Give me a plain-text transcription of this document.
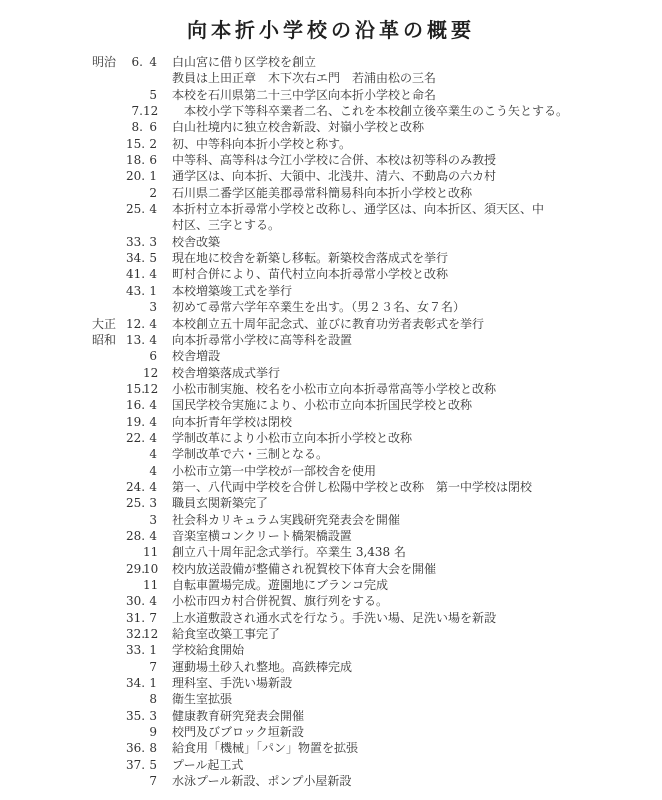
向本折小学校の沿革の概要
明治 6. 4 白山宮に借り区学校を創立
教員は上田正章　木下次右エ門　若浦由松の三名
5 本校を石川県第二十三中学区向本折小学校と命名
7.12　本校小学下等科卒業者二名、これを本校創立後卒業生のこう矢とする。
8. 6 白山社境内に独立校舎新設、対嶺小学校と改称
15. 2 初、中等科向本折小学校と称す。
18. 6 中等科、高等科は今江小学校に合併、本校は初等科のみ教授
20. 1 通学区は、向本折、大領中、北浅井、清六、不動島の六カ村
2 石川県二番学区能美郡尋常科簡易科向本折小学校と改称
25. 4 本折村立本折尋常小学校と改称し、通学区は、向本折区、須天区、中
村区、三字とする。
33. 3 校舎改築
34. 5 現在地に校舎を新築し移転。新築校舎落成式を挙行
41. 4 町村合併により、苗代村立向本折尋常小学校と改称
43. 1 本校増築竣工式を挙行
3 初めて尋常六学年卒業生を出す。（男２３名、女７名）
大正 12. 4 本校創立五十周年記念式、並びに教育功労者表彰式を挙行
昭和 13. 4 向本折尋常小学校に高等科を設置
6 校舎増設
12 校舎増築落成式挙行
15.12 小松市制実施、校名を小松市立向本折尋常高等小学校と改称
16. 4 国民学校令実施により、小松市立向本折国民学校と改称
19. 4 向本折青年学校は閉校
22. 4 学制改革により小松市立向本折小学校と改称
4 学制改革で六・三制となる。
4 小松市立第一中学校が一部校舎を使用
24. 4 第一、八代両中学校を合併し松陽中学校と改称　第一中学校は閉校
25. 3 職員玄関新築完了
3 社会科カリキュラム実践研究発表会を開催
28. 4 音楽室横コンクリート橋架橋設置
11 創立八十周年記念式挙行。卒業生 3,438 名
29.10 校内放送設備が整備され祝賀校下体育大会を開催
11 自転車置場完成。遊園地にブランコ完成
30. 4 小松市四カ村合併祝賀、旗行列をする。
31. 7 上水道敷設され通水式を行なう。手洗い場、足洗い場を新設
32.12 給食室改築工事完了
33. 1 学校給食開始
7 運動場土砂入れ整地。高鉄棒完成
34. 1 理科室、手洗い場新設
8 衛生室拡張
35. 3 健康教育研究発表会開催
9 校門及びブロック垣新設
36. 8 給食用「機械」「パン」物置を拡張
37. 5 プール起工式
7 水泳プール新設、ポンプ小屋新設
